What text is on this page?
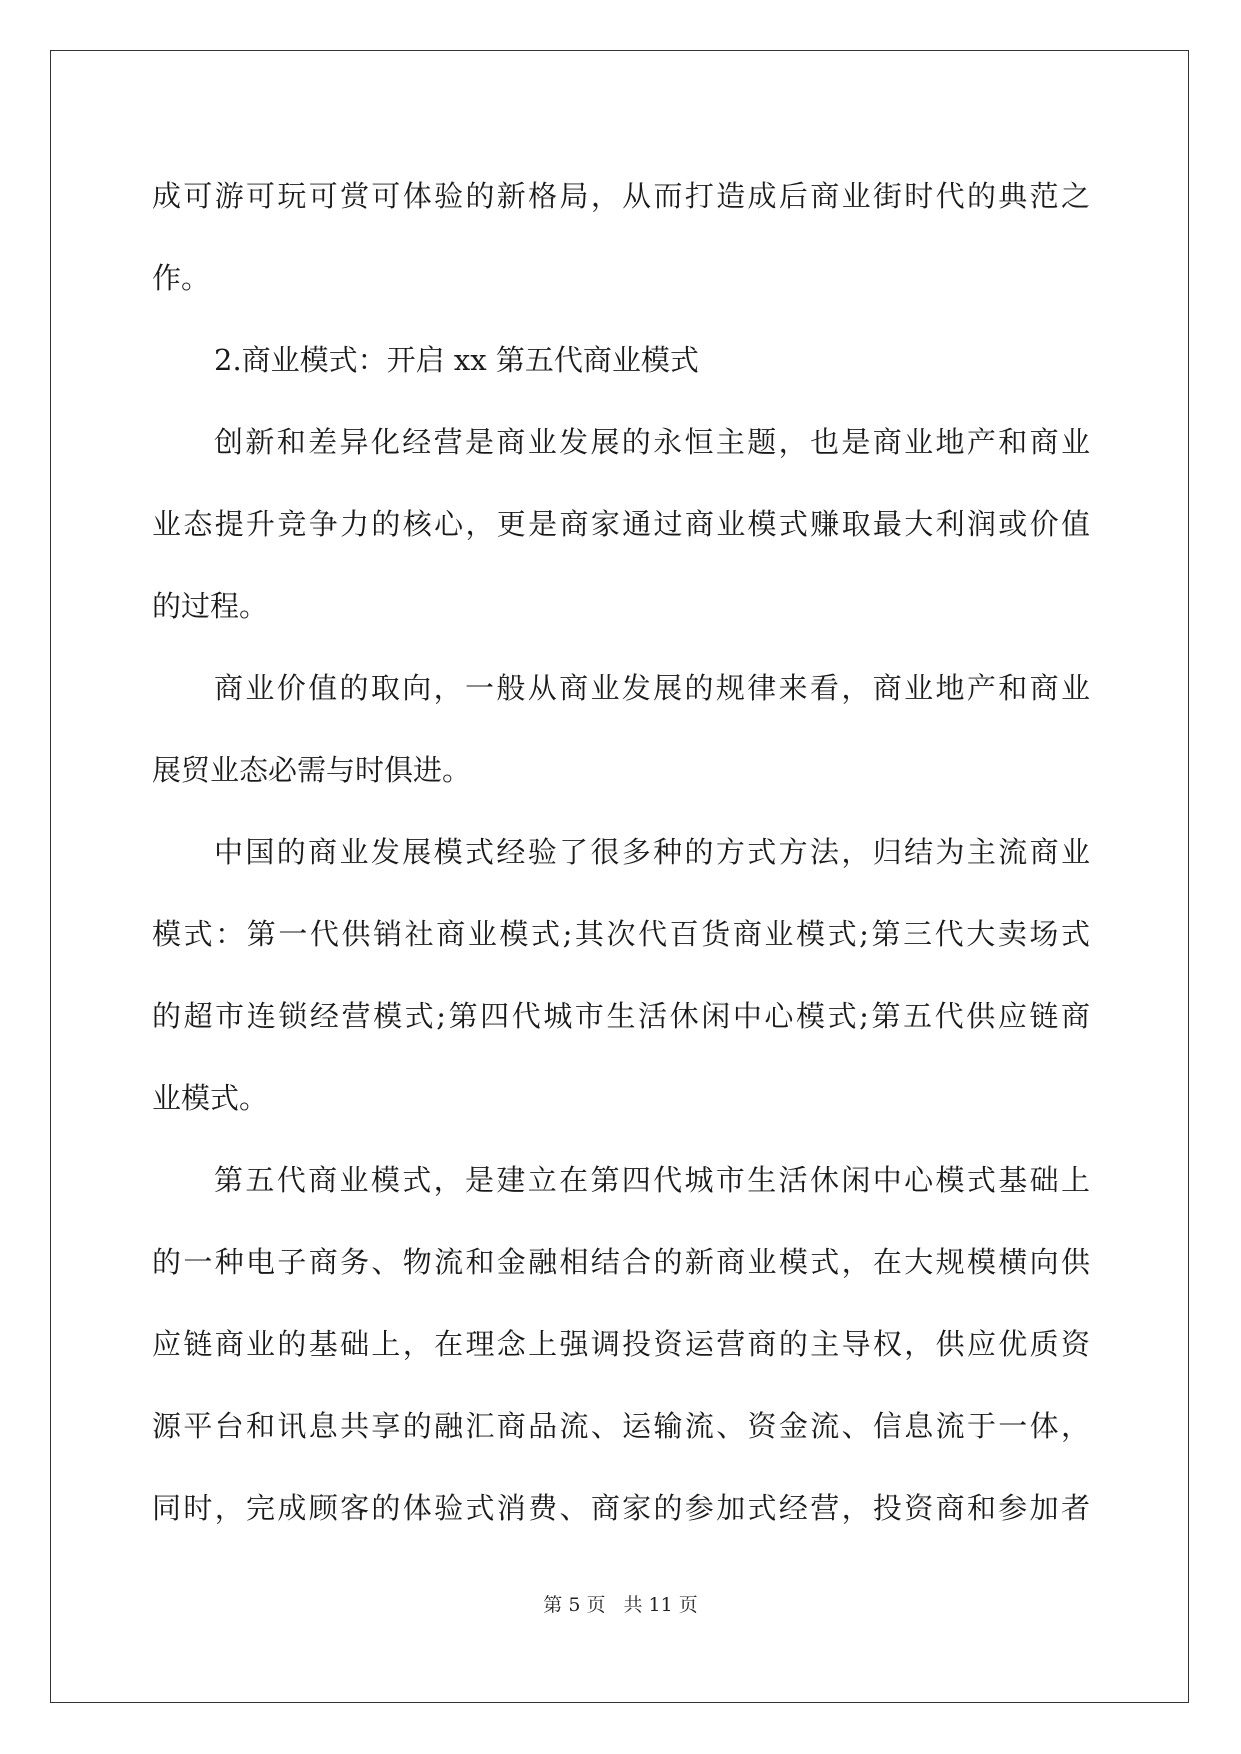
成可游可玩可赏可体验的新格局，从而打造成后商业街时代的典范之
作。
2.商业模式：开启 xx 第五代商业模式
创新和差异化经营是商业发展的永恒主题，也是商业地产和商业
业态提升竞争力的核心，更是商家通过商业模式赚取最大利润或价值
的过程。
商业价值的取向，一般从商业发展的规律来看，商业地产和商业
展贸业态必需与时俱进。
中国的商业发展模式经验了很多种的方式方法，归结为主流商业
模式：第一代供销社商业模式;其次代百货商业模式;第三代大卖场式
的超市连锁经营模式;第四代城市生活休闲中心模式;第五代供应链商
业模式。
第五代商业模式，是建立在第四代城市生活休闲中心模式基础上
的一种电子商务、物流和金融相结合的新商业模式，在大规模横向供
应链商业的基础上，在理念上强调投资运营商的主导权，供应优质资
源平台和讯息共享的融汇商品流、运输流、资金流、信息流于一体，
同时，完成顾客的体验式消费、商家的参加式经营，投资商和参加者
第 5 页 共 11 页
